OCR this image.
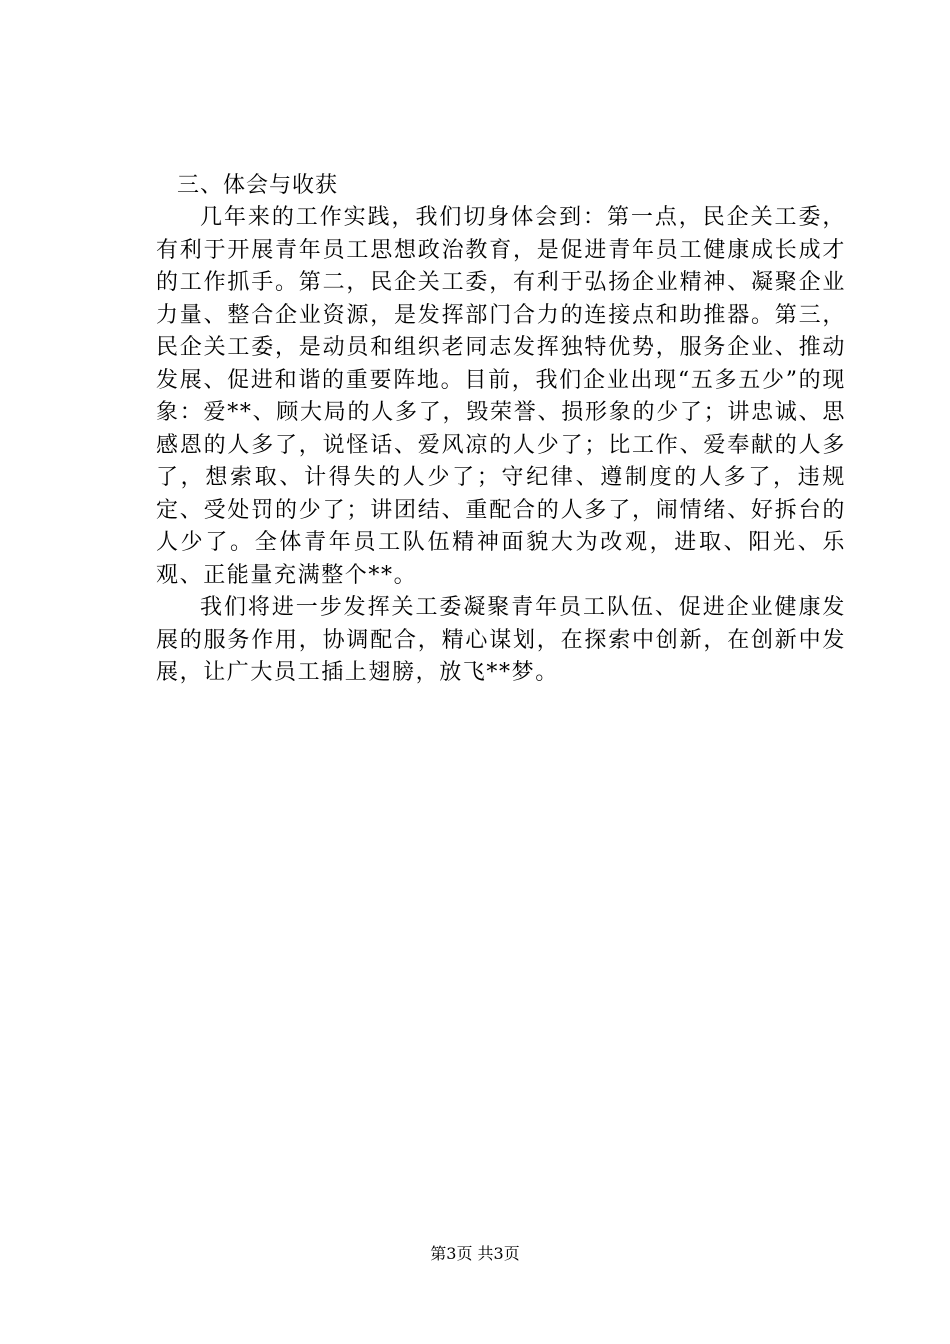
三、体会与收获

几年来的工作实践，我们切身体会到：第一点，民企关工委，有利于开展青年员工思想政治教育，是促进青年员工健康成长成才的工作抓手。第二，民企关工委，有利于弘扬企业精神、凝聚企业力量、整合企业资源，是发挥部门合力的连接点和助推器。第三，民企关工委，是动员和组织老同志发挥独特优势，服务企业、推动发展、促进和谐的重要阵地。目前，我们企业出现“五多五少”的现象：爱**、顾大局的人多了，毁荣誉、损形象的少了；讲忠诚、思感恩的人多了，说怪话、爱风凉的人少了；比工作、爱奉献的人多了，想索取、计得失的人少了；守纪律、遵制度的人多了，违规定、受处罚的少了；讲团结、重配合的人多了，闹情绪、好拆台的人少了。全体青年员工队伍精神面貌大为改观，进取、阳光、乐观、正能量充满整个**。

我们将进一步发挥关工委凝聚青年员工队伍、促进企业健康发展的服务作用，协调配合，精心谋划，在探索中创新，在创新中发展，让广大员工插上翅膀，放飞**梦。

第3页 共3页
